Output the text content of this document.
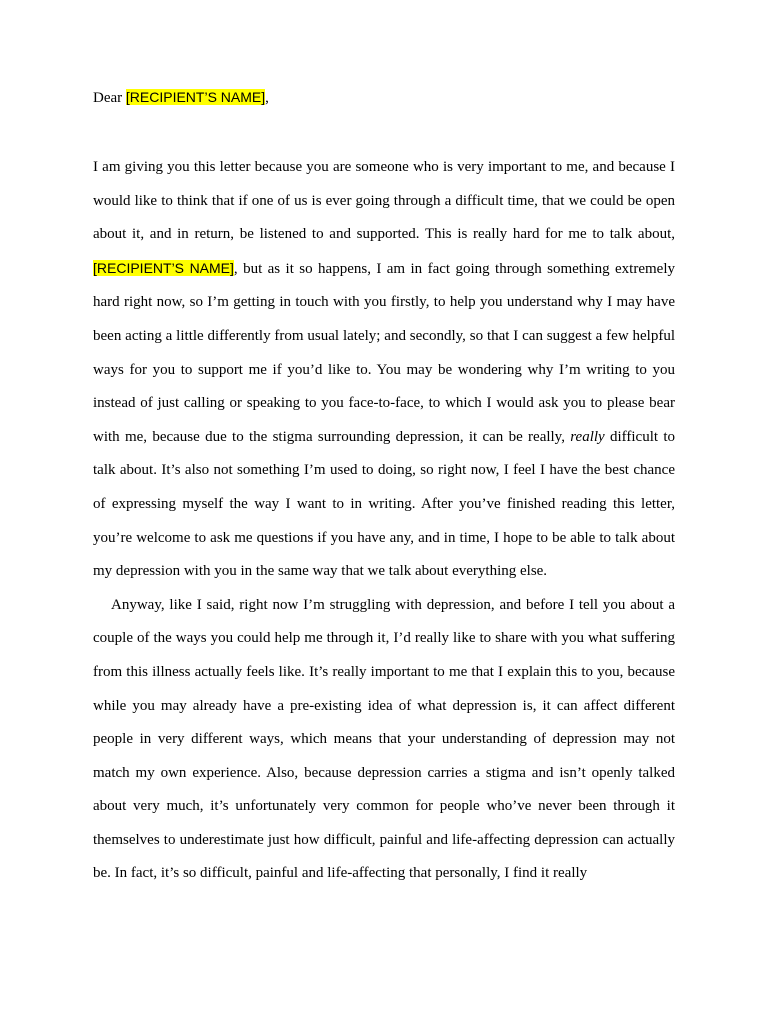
Dear [RECIPIENT’S NAME],

I am giving you this letter because you are someone who is very important to me, and because I would like to think that if one of us is ever going through a difficult time, that we could be open about it, and in return, be listened to and supported. This is really hard for me to talk about, [RECIPIENT’S NAME], but as it so happens, I am in fact going through something extremely hard right now, so I’m getting in touch with you firstly, to help you understand why I may have been acting a little differently from usual lately; and secondly, so that I can suggest a few helpful ways for you to support me if you’d like to. You may be wondering why I’m writing to you instead of just calling or speaking to you face-to-face, to which I would ask you to please bear with me, because due to the stigma surrounding depression, it can be really, really difficult to talk about. It’s also not something I’m used to doing, so right now, I feel I have the best chance of expressing myself the way I want to in writing. After you’ve finished reading this letter, you’re welcome to ask me questions if you have any, and in time, I hope to be able to talk about my depression with you in the same way that we talk about everything else.

Anyway, like I said, right now I’m struggling with depression, and before I tell you about a couple of the ways you could help me through it, I’d really like to share with you what suffering from this illness actually feels like. It’s really important to me that I explain this to you, because while you may already have a pre-existing idea of what depression is, it can affect different people in very different ways, which means that your understanding of depression may not match my own experience. Also, because depression carries a stigma and isn’t openly talked about very much, it’s unfortunately very common for people who’ve never been through it themselves to underestimate just how difficult, painful and life-affecting depression can actually be. In fact, it’s so difficult, painful and life-affecting that personally, I find it really
